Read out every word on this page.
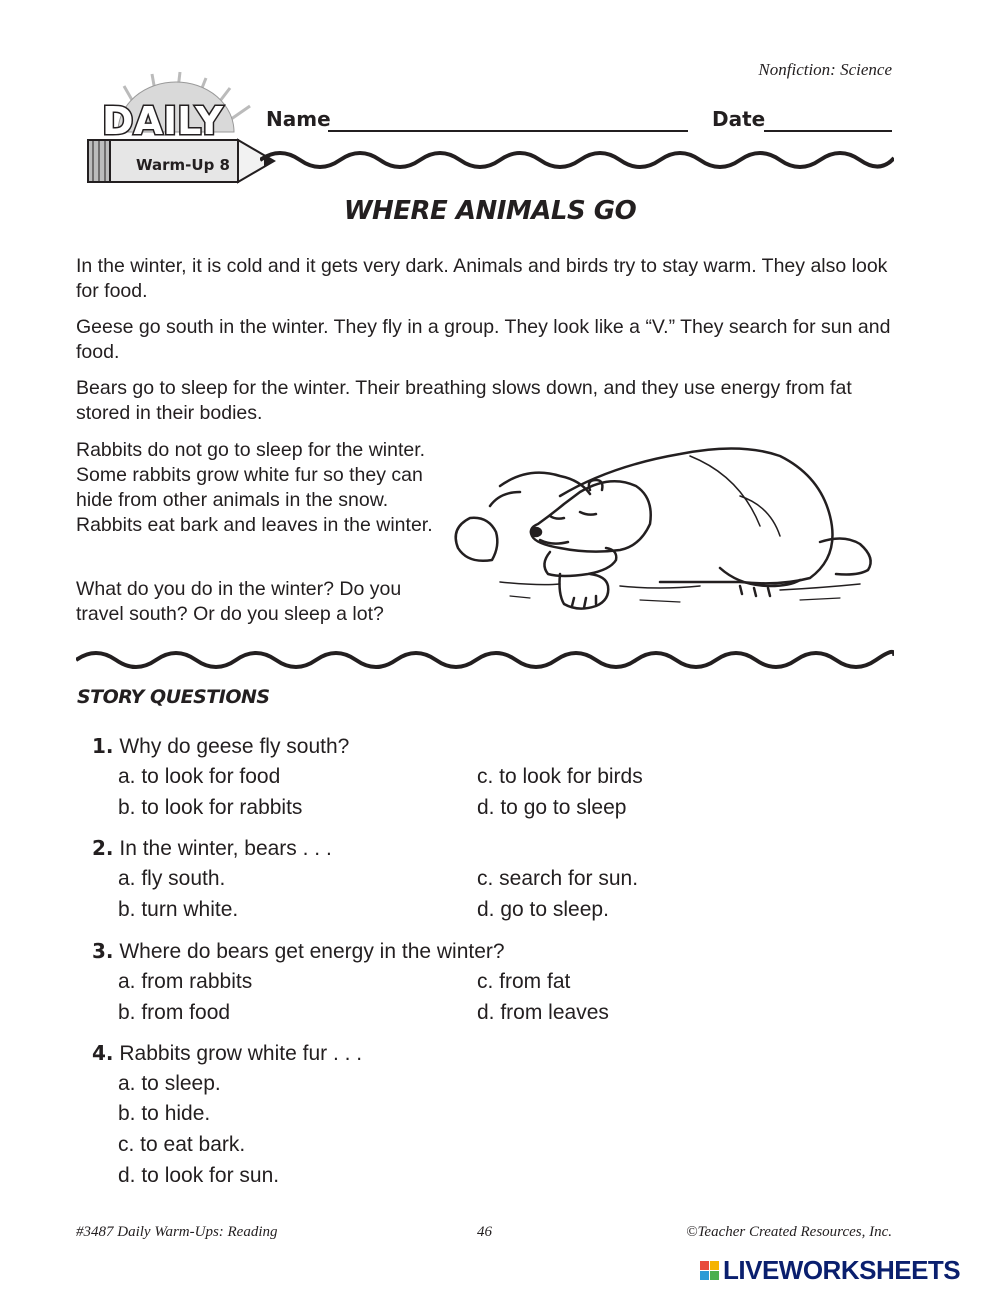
Nonfiction: Science
DAILY
Warm-Up 8
Name	Date
WHERE ANIMALS GO

In the winter, it is cold and it gets very dark. Animals and birds try to stay warm. They also look for food.

Geese go south in the winter. They fly in a group. They look like a “V.” They search for sun and food.

Bears go to sleep for the winter. Their breathing slows down, and they use energy from fat stored in their bodies.

Rabbits do not go to sleep for the winter. Some rabbits grow white fur so they can hide from other animals in the snow. Rabbits eat bark and leaves in the winter.

What do you do in the winter? Do you travel south? Or do you sleep a lot?

STORY QUESTIONS
1. Why do geese fly south?
a. to look for food
b. to look for rabbits
c. to look for birds
d. to go to sleep
2. In the winter, bears . . .
a. fly south.
b. turn white.
c. search for sun.
d. go to sleep.
3. Where do bears get energy in the winter?
a. from rabbits
b. from food
c. from fat
d. from leaves
4. Rabbits grow white fur . . .
a. to sleep.
b. to hide.
c. to eat bark.
d. to look for sun.
#3487 Daily Warm-Ups: Reading	46	©Teacher Created Resources, Inc.
LIVEWORKSHEETS
